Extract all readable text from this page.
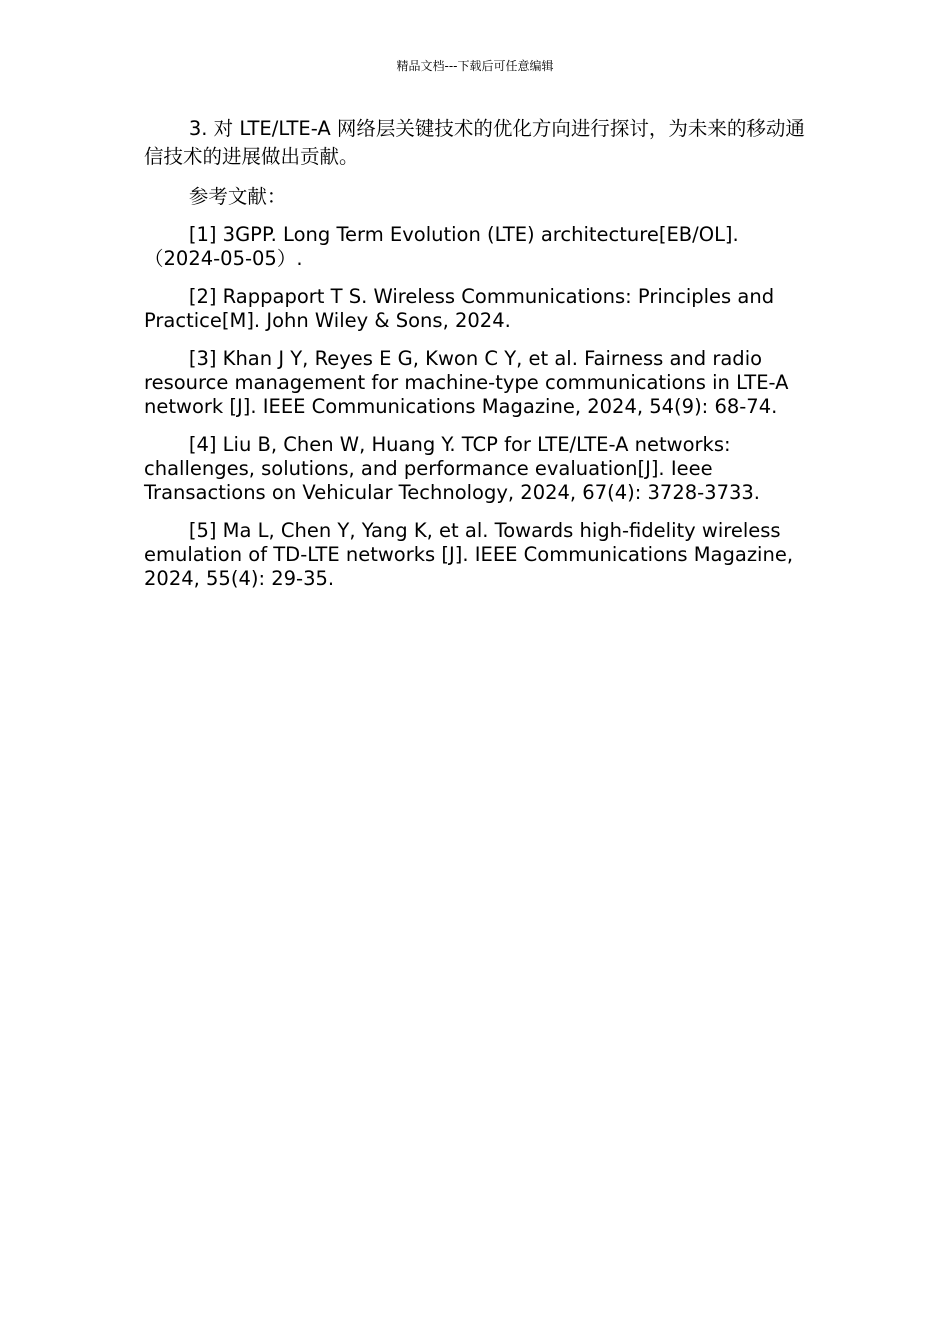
精品文档---下载后可任意编辑

3. 对 LTE/LTE-A 网络层关键技术的优化方向进行探讨，为未来的移动通信技术的进展做出贡献。

参考文献：

[1] 3GPP. Long Term Evolution (LTE) architecture[EB/OL].（2024-05-05）.

[2] Rappaport T S. Wireless Communications: Principles and Practice[M]. John Wiley & Sons, 2024.

[3] Khan J Y, Reyes E G, Kwon C Y, et al. Fairness and radio resource management for machine-type communications in LTE-A network [J]. IEEE Communications Magazine, 2024, 54(9): 68-74.

[4] Liu B, Chen W, Huang Y. TCP for LTE/LTE-A networks: challenges, solutions, and performance evaluation[J]. Ieee Transactions on Vehicular Technology, 2024, 67(4): 3728-3733.

[5] Ma L, Chen Y, Yang K, et al. Towards high-fidelity wireless emulation of TD-LTE networks [J]. IEEE Communications Magazine, 2024, 55(4): 29-35.
